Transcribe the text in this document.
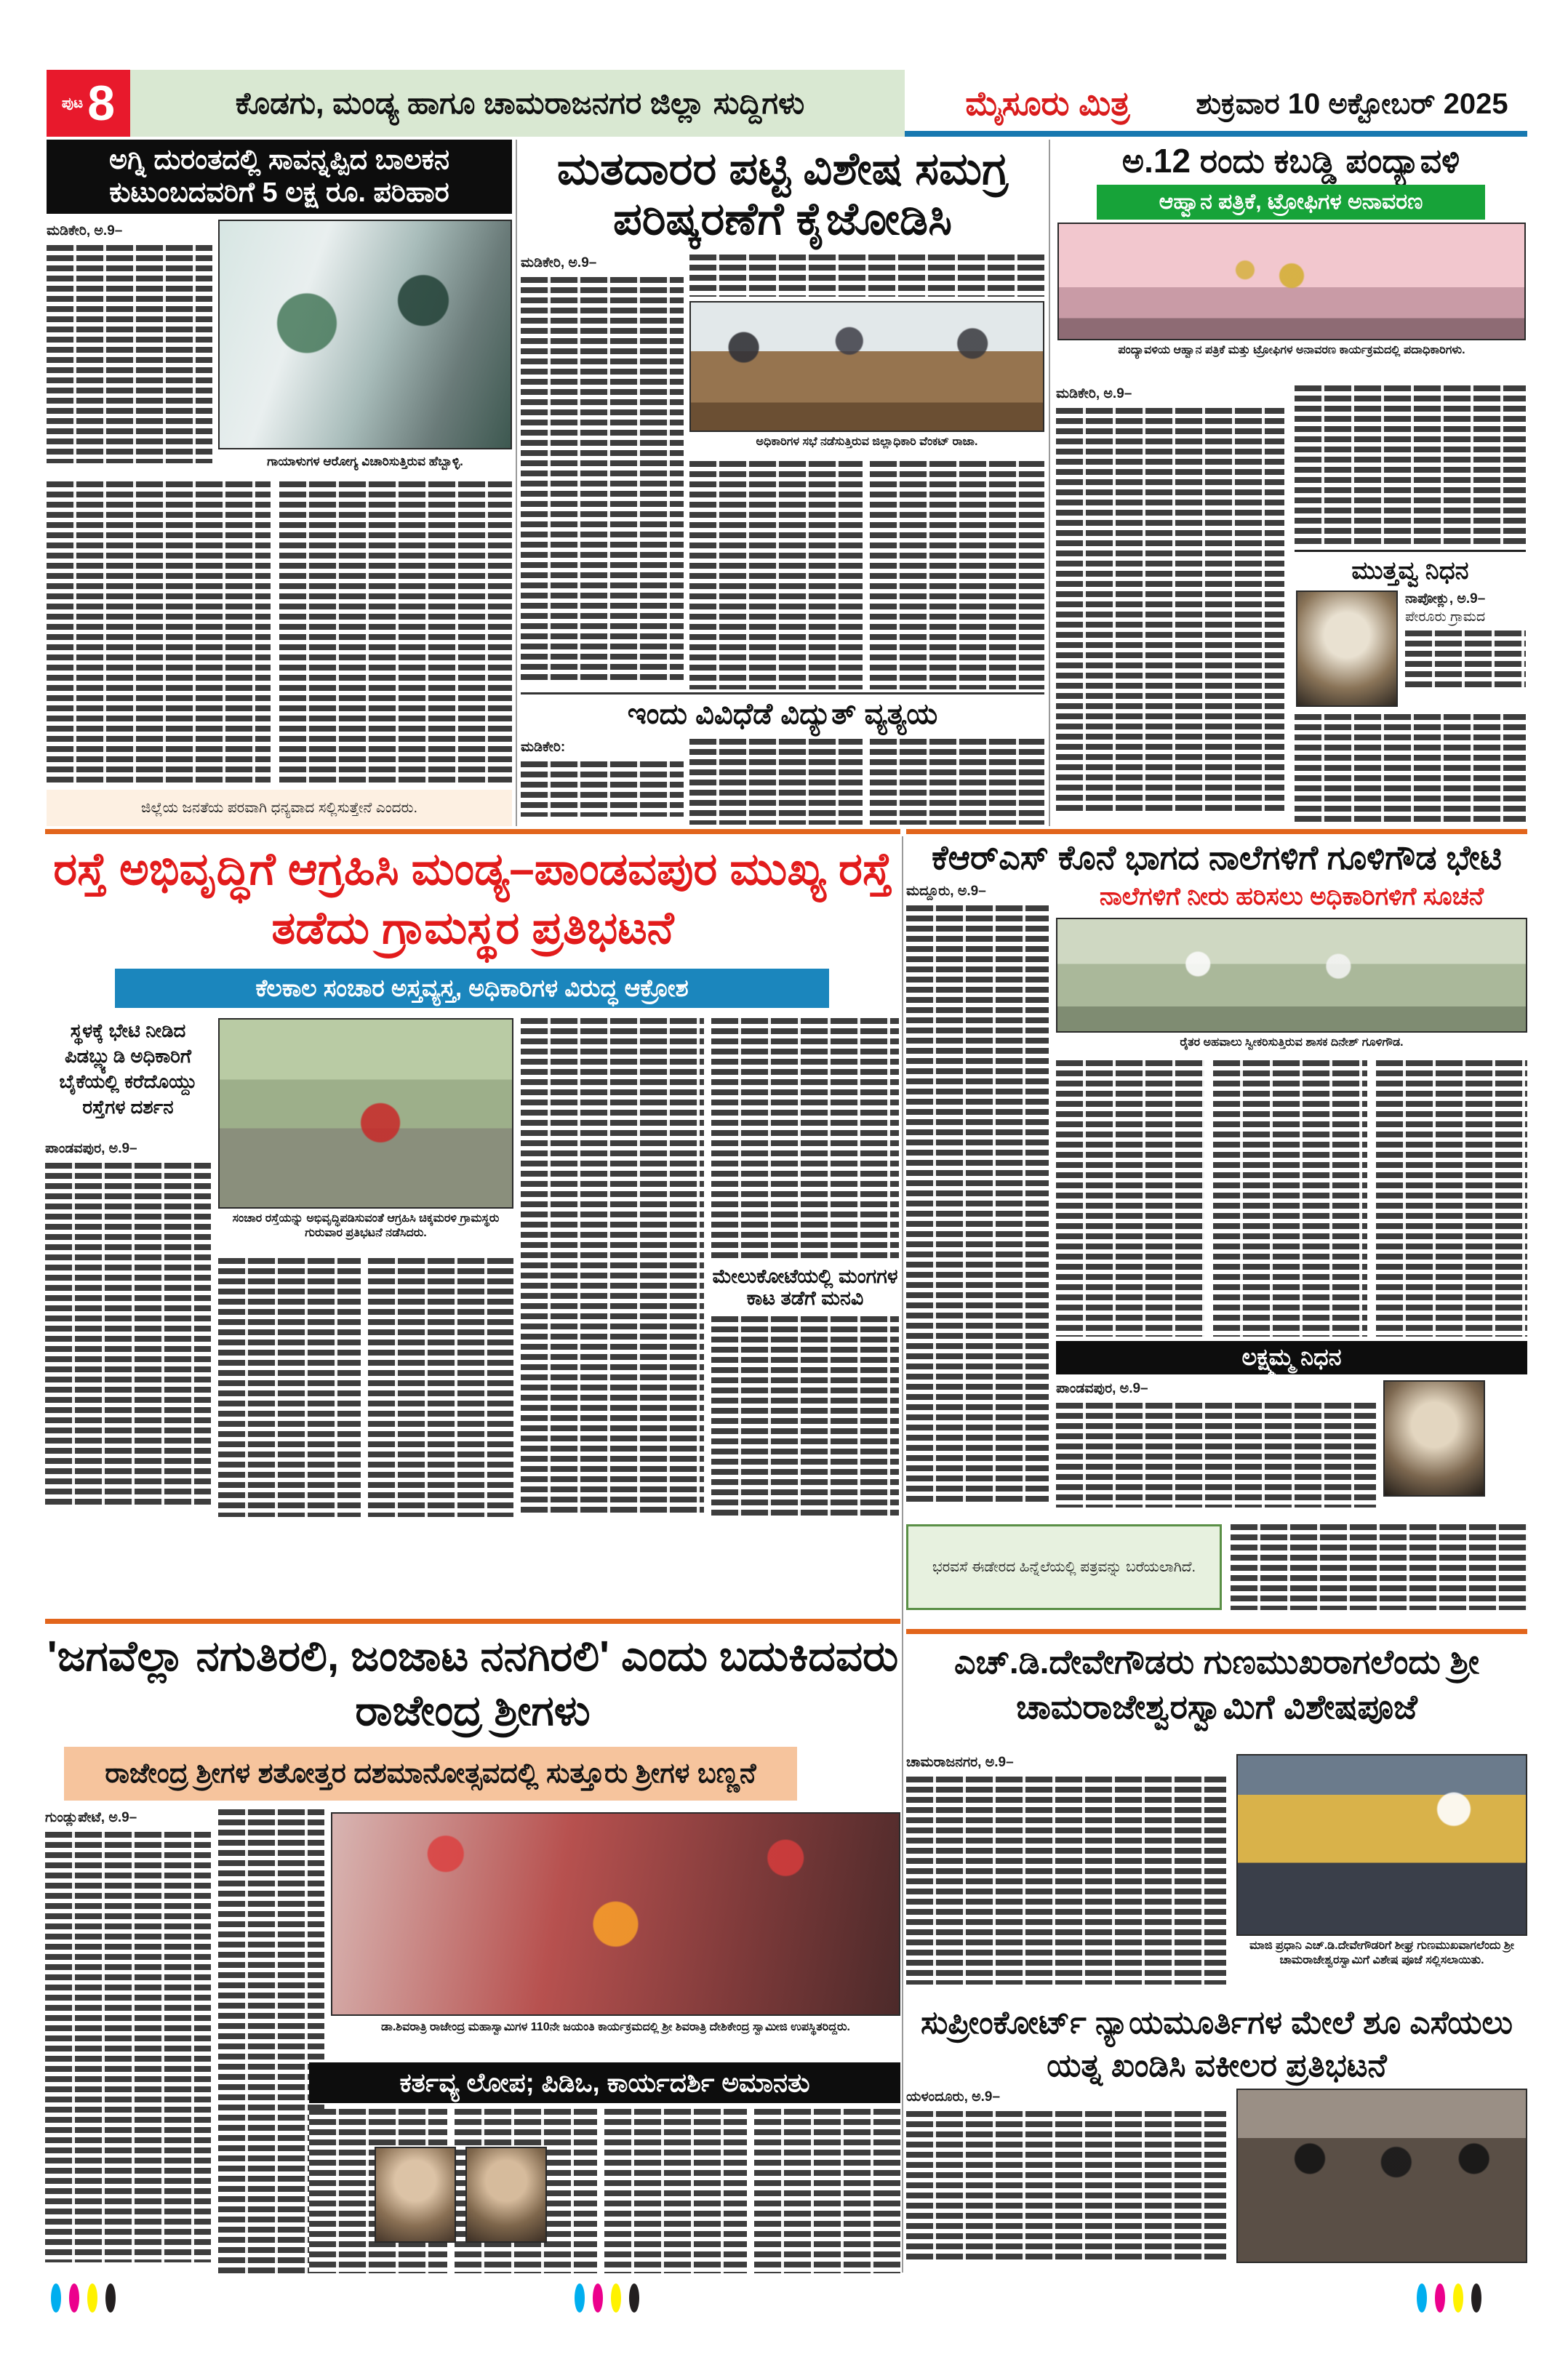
ಪುಟ 8	ಕೊಡಗು, ಮಂಡ್ಯ ಹಾಗೂ ಚಾಮರಾಜನಗರ ಜಿಲ್ಲಾ ಸುದ್ದಿಗಳು	ಮೈಸೂರು ಮಿತ್ರ	ಶುಕ್ರವಾರ 10 ಅಕ್ಟೋಬರ್ 2025
ಅಗ್ನಿ ದುರಂತದಲ್ಲಿ ಸಾವನ್ನಪ್ಪಿದ ಬಾಲಕನ ಕುಟುಂಬದವರಿಗೆ 5 ಲಕ್ಷ ರೂ. ಪರಿಹಾರ
ಮಡಿಕೇರಿ, ಅ.9–
ಗಾಯಾಳುಗಳ ಆರೋಗ್ಯ ವಿಚಾರಿಸುತ್ತಿರುವ ಹೆಬ್ಬಾಳ್ಳಿ.
ಜಿಲ್ಲೆಯ ಜನತೆಯ ಪರವಾಗಿ ಧನ್ಯವಾದ ಸಲ್ಲಿಸುತ್ತೇನೆ ಎಂದರು.
ಮತದಾರರ ಪಟ್ಟಿ ವಿಶೇಷ ಸಮಗ್ರ ಪರಿಷ್ಕರಣೆಗೆ ಕೈಜೋಡಿಸಿ
ಮಡಿಕೇರಿ, ಅ.9–
ಅಧಿಕಾರಿಗಳ ಸಭೆ ನಡೆಸುತ್ತಿರುವ ಜಿಲ್ಲಾಧಿಕಾರಿ ವೆಂಕಟ್ ರಾಜಾ.
ಇಂದು ವಿವಿಧೆಡೆ ವಿದ್ಯುತ್ ವ್ಯತ್ಯಯ
ಮಡಿಕೇರಿ:
ಅ.12 ರಂದು ಕಬಡ್ಡಿ ಪಂದ್ಯಾವಳಿ
ಆಹ್ವಾನ ಪತ್ರಿಕೆ, ಟ್ರೋಫಿಗಳ ಅನಾವರಣ
ಪಂದ್ಯಾವಳಿಯ ಆಹ್ವಾನ ಪತ್ರಿಕೆ ಮತ್ತು ಟ್ರೋಫಿಗಳ ಅನಾವರಣ ಕಾರ್ಯಕ್ರಮದಲ್ಲಿ ಪದಾಧಿಕಾರಿಗಳು.
ಮಡಿಕೇರಿ, ಅ.9–
ಮುತ್ತವ್ವ ನಿಧನ
ನಾಪೋಕ್ಲು, ಅ.9– ಪೇರೂರು ಗ್ರಾಮದ
ರಸ್ತೆ ಅಭಿವೃದ್ಧಿಗೆ ಆಗ್ರಹಿಸಿ ಮಂಡ್ಯ–ಪಾಂಡವಪುರ ಮುಖ್ಯ ರಸ್ತೆ ತಡೆದು ಗ್ರಾಮಸ್ಥರ ಪ್ರತಿಭಟನೆ
ಕೆಲಕಾಲ ಸಂಚಾರ ಅಸ್ತವ್ಯಸ್ತ, ಅಧಿಕಾರಿಗಳ ವಿರುದ್ಧ ಆಕ್ರೋಶ
ಸ್ಥಳಕ್ಕೆ ಭೇಟಿ ನೀಡಿದ ಪಿಡಬ್ಲ್ಯುಡಿ ಅಧಿಕಾರಿಗೆ ಬೈಕೆಯಲ್ಲಿ ಕರೆದೊಯ್ದು ರಸ್ತೆಗಳ ದರ್ಶನ
ಪಾಂಡವಪುರ, ಅ.9–
ಸಂಚಾರ ರಸ್ತೆಯನ್ನು ಅಭಿವೃದ್ಧಿಪಡಿಸುವಂತೆ ಆಗ್ರಹಿಸಿ ಚಿಕ್ಕಮರಳಿ ಗ್ರಾಮಸ್ಥರು ಗುರುವಾರ ಪ್ರತಿಭಟನೆ ನಡೆಸಿದರು.
ಮೇಲುಕೋಟೆಯಲ್ಲಿ ಮಂಗಗಳ ಕಾಟ ತಡೆಗೆ ಮನವಿ
ಕೆಆರ್‌ಎಸ್ ಕೊನೆ ಭಾಗದ ನಾಲೆಗಳಿಗೆ ಗೂಳಿಗೌಡ ಭೇಟಿ
ನಾಲೆಗಳಿಗೆ ನೀರು ಹರಿಸಲು ಅಧಿಕಾರಿಗಳಿಗೆ ಸೂಚನೆ
ಮದ್ದೂರು, ಅ.9–
ರೈತರ ಅಹವಾಲು ಸ್ವೀಕರಿಸುತ್ತಿರುವ ಶಾಸಕ ದಿನೇಶ್ ಗೂಳಿಗೌಡ.
ಲಕ್ಷ್ಮಮ್ಮ ನಿಧನ
ಪಾಂಡವಪುರ, ಅ.9–
ಭರವಸೆ ಈಡೇರದ ಹಿನ್ನೆಲೆಯಲ್ಲಿ ಪತ್ರವನ್ನು ಬರೆಯಲಾಗಿದೆ.
'ಜಗವೆಲ್ಲಾ ನಗುತಿರಲಿ, ಜಂಜಾಟ ನನಗಿರಲಿ' ಎಂದು ಬದುಕಿದವರು ರಾಜೇಂದ್ರ ಶ್ರೀಗಳು
ರಾಜೇಂದ್ರ ಶ್ರೀಗಳ ಶತೋತ್ತರ ದಶಮಾನೋತ್ಸವದಲ್ಲಿ ಸುತ್ತೂರು ಶ್ರೀಗಳ ಬಣ್ಣನೆ
ಗುಂಡ್ಲುಪೇಟೆ, ಅ.9–
ಡಾ.ಶಿವರಾತ್ರಿ ರಾಜೇಂದ್ರ ಮಹಾಸ್ವಾಮಿಗಳ 110ನೇ ಜಯಂತಿ ಕಾರ್ಯಕ್ರಮದಲ್ಲಿ ಶ್ರೀ ಶಿವರಾತ್ರಿ ದೇಶಿಕೇಂದ್ರ ಸ್ವಾಮೀಜಿ ಉಪಸ್ಥಿತರಿದ್ದರು.
ಕರ್ತವ್ಯ ಲೋಪ; ಪಿಡಿಒ, ಕಾರ್ಯದರ್ಶಿ ಅಮಾನತು
ಎಚ್.ಡಿ.ದೇವೇಗೌಡರು ಗುಣಮುಖರಾಗಲೆಂದು ಶ್ರೀ ಚಾಮರಾಜೇಶ್ವರಸ್ವಾಮಿಗೆ ವಿಶೇಷಪೂಜೆ
ಚಾಮರಾಜನಗರ, ಅ.9–
ಮಾಜಿ ಪ್ರಧಾನಿ ಎಚ್.ಡಿ.ದೇವೇಗೌಡರಿಗೆ ಶೀಘ್ರ ಗುಣಮುಖವಾಗಲೆಂದು ಶ್ರೀ ಚಾಮರಾಜೇಶ್ವರಸ್ವಾಮಿಗೆ ವಿಶೇಷ ಪೂಜೆ ಸಲ್ಲಿಸಲಾಯಿತು.
ಸುಪ್ರೀಂಕೋರ್ಟ್ ನ್ಯಾಯಮೂರ್ತಿಗಳ ಮೇಲೆ ಶೂ ಎಸೆಯಲು ಯತ್ನ ಖಂಡಿಸಿ ವಕೀಲರ ಪ್ರತಿಭಟನೆ
ಯಳಂದೂರು, ಅ.9–
